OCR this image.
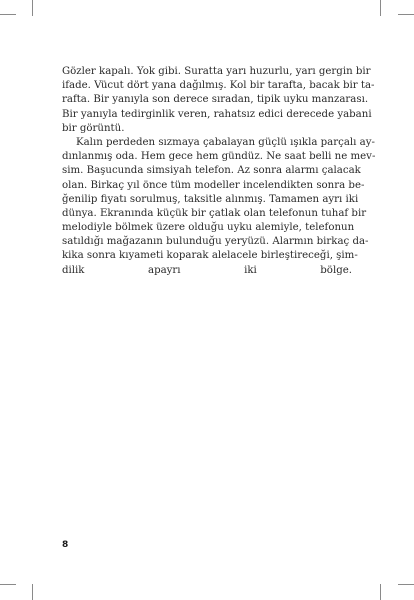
Gözler kapalı. Yok gibi. Suratta yarı huzurlu, yarı gergin bir
ifade. Vücut dört yana dağılmış. Kol bir tarafta, bacak bir ta-
rafta. Bir yanıyla son derece sıradan, tipik uyku manzarası.
Bir yanıyla tedirginlik veren, rahatsız edici derecede yabani
bir görüntü.
Kalın perdeden sızmaya çabalayan güçlü ışıkla parçalı ay-
dınlanmış oda. Hem gece hem gündüz. Ne saat belli ne mev-
sim. Başucunda simsiyah telefon. Az sonra alarmı çalacak
olan. Birkaç yıl önce tüm modeller incelendikten sonra be-
ğenilip fiyatı sorulmuş, taksitle alınmış. Tamamen ayrı iki
dünya. Ekranında küçük bir çatlak olan telefonun tuhaf bir
melodiyle bölmek üzere olduğu uyku alemiyle, telefonun
satıldığı mağazanın bulunduğu yeryüzü. Alarmın birkaç da-
kika sonra kıyameti koparak alelacele birleştireceği, şim-
dilik apayrı iki bölge.
8
